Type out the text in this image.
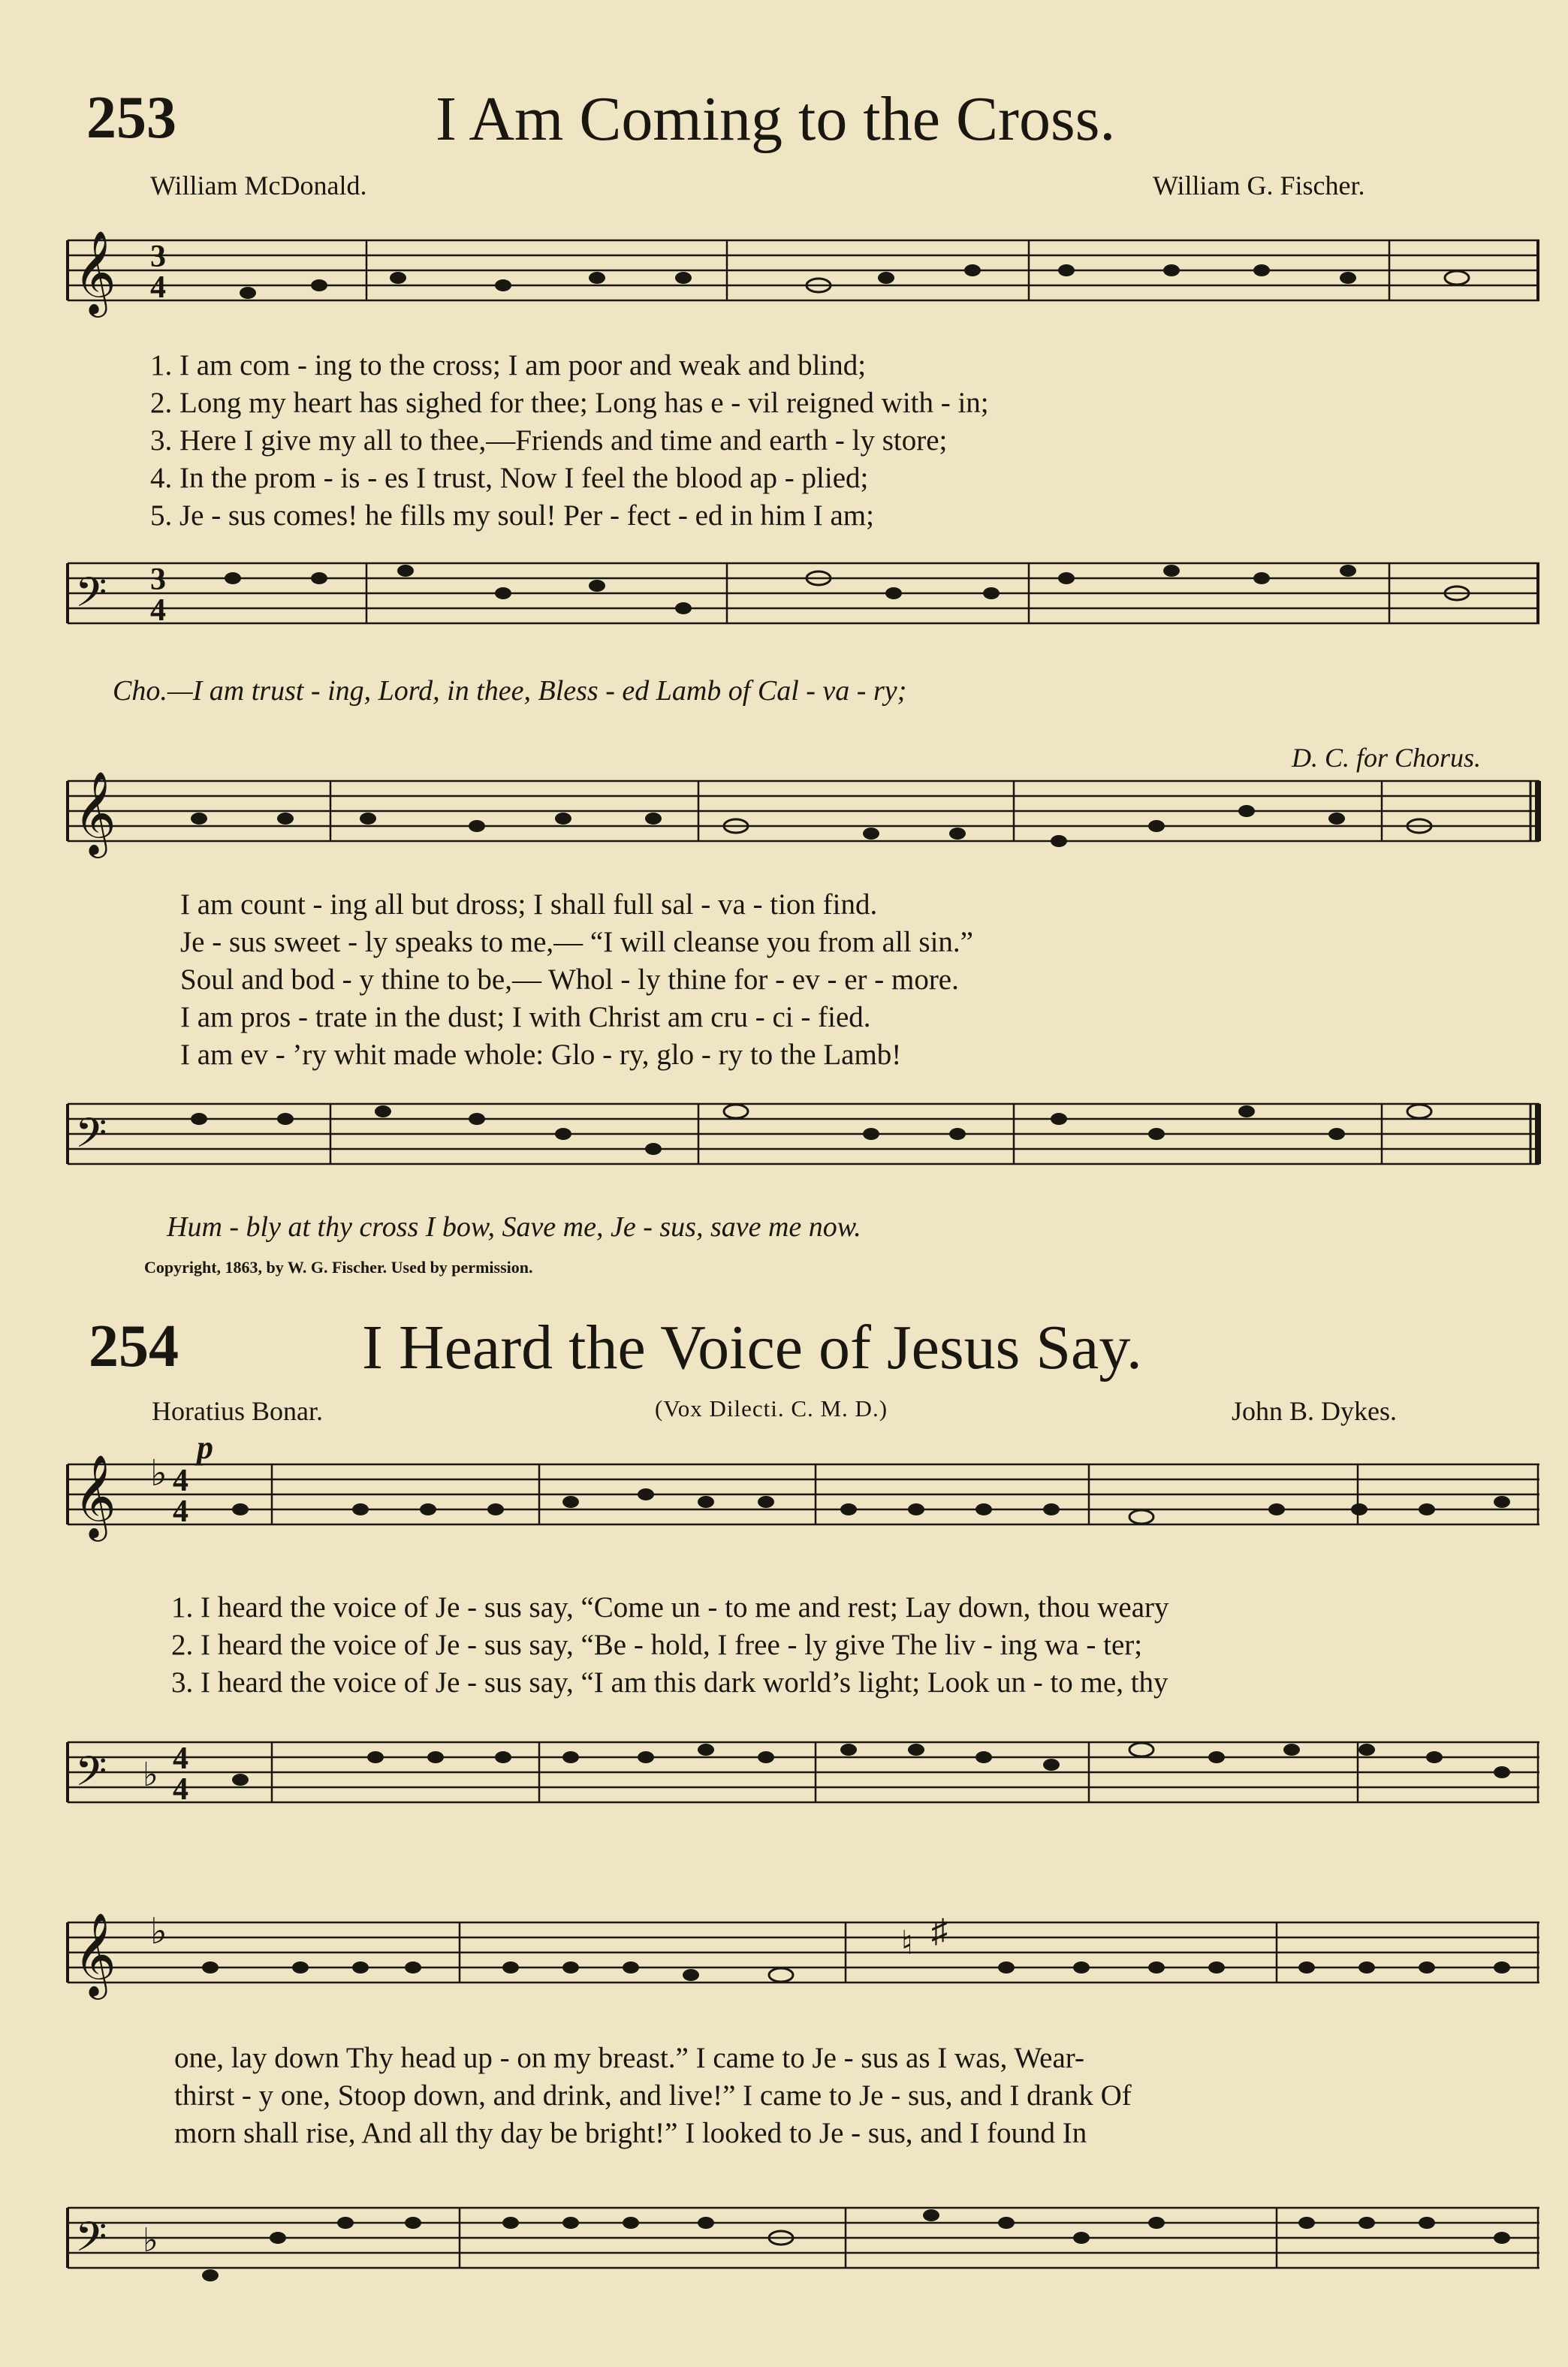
253	I Am Coming to the Cross.
William McDonald.	William G. Fischer.
𝄞 3
4
1. I am com - ing to the cross; I am poor and weak and blind;
2. Long my heart has sighed for thee; Long has e - vil reigned with - in;
3. Here I give my all to thee,—Friends and time and earth - ly store;
4. In the prom - is - es I trust, Now I feel the blood ap - plied;
5. Je - sus comes! he fills my soul! Per - fect - ed in him I am;
𝄢 3
4
Cho.—I am trust - ing, Lord, in thee, Bless - ed Lamb of Cal - va - ry;
D. C. for Chorus.
𝄞
I am count - ing all but dross; I shall full sal - va - tion find.
Je - sus sweet - ly speaks to me,— “I will cleanse you from all sin.”
Soul and bod - y thine to be,— Whol - ly thine for - ev - er - more.
I am pros - trate in the dust; I with Christ am cru - ci - fied.
I am ev - ’ry whit made whole: Glo - ry, glo - ry to the Lamb!
𝄢
Hum - bly at thy cross I bow, Save me, Je - sus, save me now.
Copyright, 1863, by W. G. Fischer. Used by permission.
254	I Heard the Voice of Jesus Say.
Horatius Bonar.	(Vox Dilecti. C. M. D.)	John B. Dykes.
p
𝄞 ♭ 4
4
1. I heard the voice of Je - sus say, “Come un - to me and rest; Lay down, thou weary
2. I heard the voice of Je - sus say, “Be - hold, I free - ly give The liv - ing wa - ter;
3. I heard the voice of Je - sus say, “I am this dark world’s light; Look un - to me, thy
𝄢 ♭ 4
4
𝄞 ♭	♮ ♯
one, lay down Thy head up - on my breast.” I came to Je - sus as I was, Wear-
thirst - y one, Stoop down, and drink, and live!” I came to Je - sus, and I drank Of
morn shall rise, And all thy day be bright!” I looked to Je - sus, and I found In
𝄢 ♭
